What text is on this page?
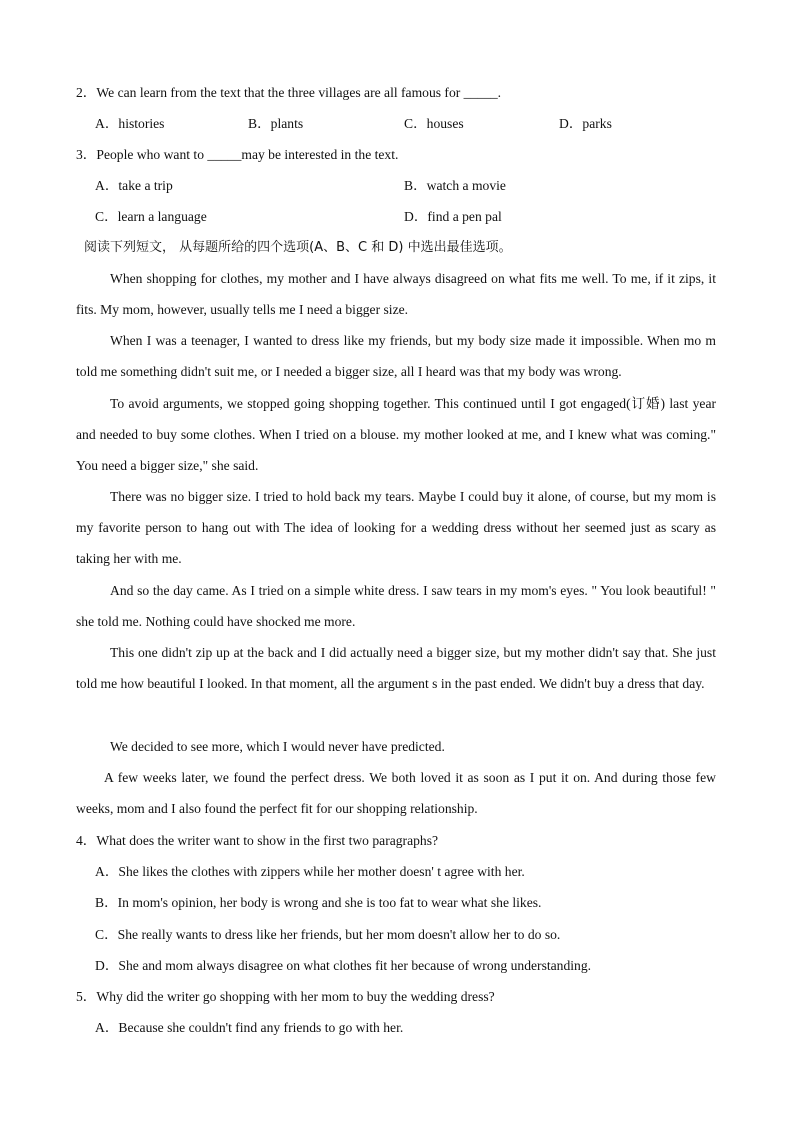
2．We can learn from the text that the three villages are all famous for _____.
A．histories	B．plants	C．houses	D．parks
3．People who want to _____may be interested in the text.
A．take a trip	B．watch a movie
C．learn a language	D．find a pen pal
阅读下列短文， 从每题所给的四个选项(A、B、C 和 D) 中选出最佳选项。
When shopping for clothes, my mother and I have always disagreed on what fits me well. To me, if it zips, it fits. My mom, however, usually tells me I need a bigger size.
When I was a teenager, I wanted to dress like my friends, but my body size made it impossible. When mo m told me something didn't suit me, or I needed a bigger size, all I heard was that my body was wrong.
To avoid arguments, we stopped going shopping together. This continued until I got engaged(订婚) last year and needed to buy some clothes. When I tried on a blouse. my mother looked at me, and I knew what was coming." You need a bigger size," she said.
There was no bigger size. I tried to hold back my tears. Maybe I could buy it alone, of course, but my mom is my favorite person to hang out with The idea of looking for a wedding dress without her seemed just as scary as taking her with me.
And so the day came. As I tried on a simple white dress. I saw tears in my mom's eyes. " You look beautiful! " she told me. Nothing could have shocked me more.
This one didn't zip up at the back and I did actually need a bigger size, but my mother didn't say that. She just told me how beautiful I looked. In that moment, all the argument s in the past ended. We didn't buy a dress that day.
We decided to see more, which I would never have predicted.
A few weeks later, we found the perfect dress. We both loved it as soon as I put it on. And during those few weeks, mom and I also found the perfect fit for our shopping relationship.
4．What does the writer want to show in the first two paragraphs?
A．She likes the clothes with zippers while her mother doesn' t agree with her.
B．In mom's opinion, her body is wrong and she is too fat to wear what she likes.
C．She really wants to dress like her friends, but her mom doesn't allow her to do so.
D．She and mom always disagree on what clothes fit her because of wrong understanding.
5．Why did the writer go shopping with her mom to buy the wedding dress?
A．Because she couldn't find any friends to go with her.
